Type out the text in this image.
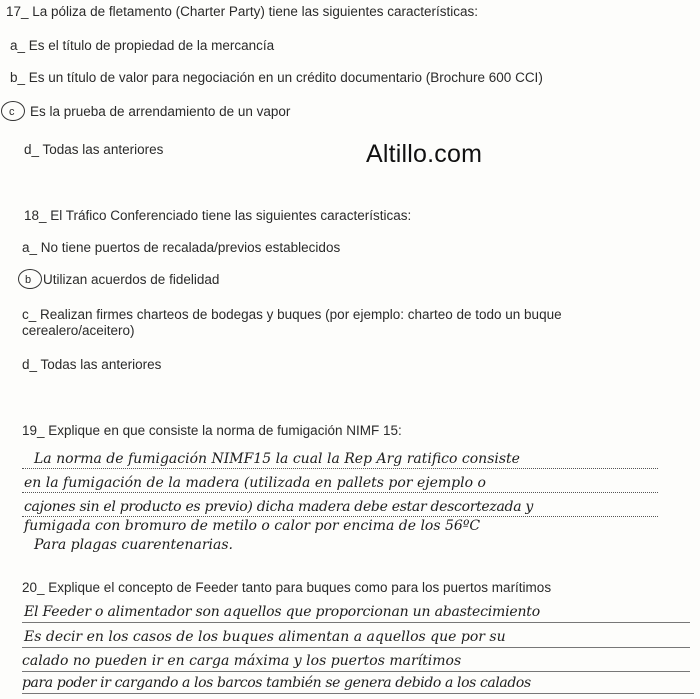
17_ La póliza de fletamento (Charter Party) tiene las siguientes características:
a_ Es el título de propiedad de la mercancía
b_ Es un título de valor para negociación en un crédito documentario (Brochure 600 CCI)
c Es la prueba de arrendamiento de un vapor
d_ Todas las anteriores	Altillo.com
18_ El Tráfico Conferenciado tiene las siguientes características:
a_ No tiene puertos de recalada/previos establecidos
b Utilizan acuerdos de fidelidad
c_ Realizan firmes charteos de bodegas y buques (por ejemplo: charteo de todo un buque
cerealero/aceitero)
d_ Todas las anteriores
19_ Explique en que consiste la norma de fumigación NIMF 15:
La norma de fumigación NIMF15 la cual la Rep Arg ratifico consiste
en la fumigación de la madera (utilizada en pallets por ejemplo o
cajones sin el producto es previo) dicha madera debe estar descortezada y
fumigada con bromuro de metilo o calor por encima de los 56ºC
Para plagas cuarentenarias.
20_ Explique el concepto de Feeder tanto para buques como para los puertos marítimos
El Feeder o alimentador son aquellos que proporcionan un abastecimiento
Es decir en los casos de los buques alimentan a aquellos que por su
calado no pueden ir en carga máxima y los puertos marítimos
para poder ir cargando a los barcos también se genera debido a los calados
